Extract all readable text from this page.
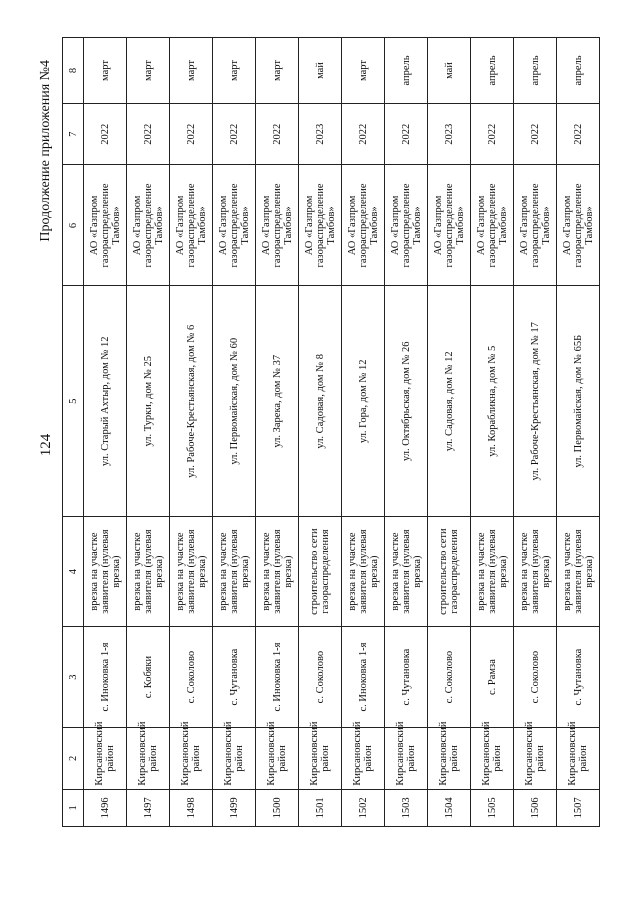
124
Продолжение приложения №4
1	2	3	4	5	6	7	8
1496	Кирсановский район	с. Иноковка 1-я	врезка на участке заявителя (нулевая врезка)	ул. Старый Ахтыр, дом № 12	АО «Газпром газораспределение Тамбов»	2022	март
1497	Кирсановский район	с. Кобяки	врезка на участке заявителя (нулевая врезка)	ул. Турки, дом № 25	АО «Газпром газораспределение Тамбов»	2022	март
1498	Кирсановский район	с. Соколово	врезка на участке заявителя (нулевая врезка)	ул. Рабоче-Крестьянская, дом № 6	АО «Газпром газораспределение Тамбов»	2022	март
1499	Кирсановский район	с. Чутановка	врезка на участке заявителя (нулевая врезка)	ул. Первомайская, дом № 60	АО «Газпром газораспределение Тамбов»	2022	март
1500	Кирсановский район	с. Иноковка 1-я	врезка на участке заявителя (нулевая врезка)	ул. Зарека, дом № 37	АО «Газпром газораспределение Тамбов»	2022	март
1501	Кирсановский район	с. Соколово	строительство сети газораспределения	ул. Садовая, дом № 8	АО «Газпром газораспределение Тамбов»	2023	май
1502	Кирсановский район	с. Иноковка 1-я	врезка на участке заявителя (нулевая врезка)	ул. Гора, дом № 12	АО «Газпром газораспределение Тамбов»	2022	март
1503	Кирсановский район	с. Чутановка	врезка на участке заявителя (нулевая врезка)	ул. Октябрьская, дом № 26	АО «Газпром газораспределение Тамбов»	2022	апрель
1504	Кирсановский район	с. Соколово	строительство сети газораспределения	ул. Садовая, дом № 12	АО «Газпром газораспределение Тамбов»	2023	май
1505	Кирсановский район	с. Рамза	врезка на участке заявителя (нулевая врезка)	ул. Корабликна, дом № 5	АО «Газпром газораспределение Тамбов»	2022	апрель
1506	Кирсановский район	с. Соколово	врезка на участке заявителя (нулевая врезка)	ул. Рабоче-Крестьянская, дом № 17	АО «Газпром газораспределение Тамбов»	2022	апрель
1507	Кирсановский район	с. Чутановка	врезка на участке заявителя (нулевая врезка)	ул. Первомайская, дом № 65Б	АО «Газпром газораспределение Тамбов»	2022	апрель
